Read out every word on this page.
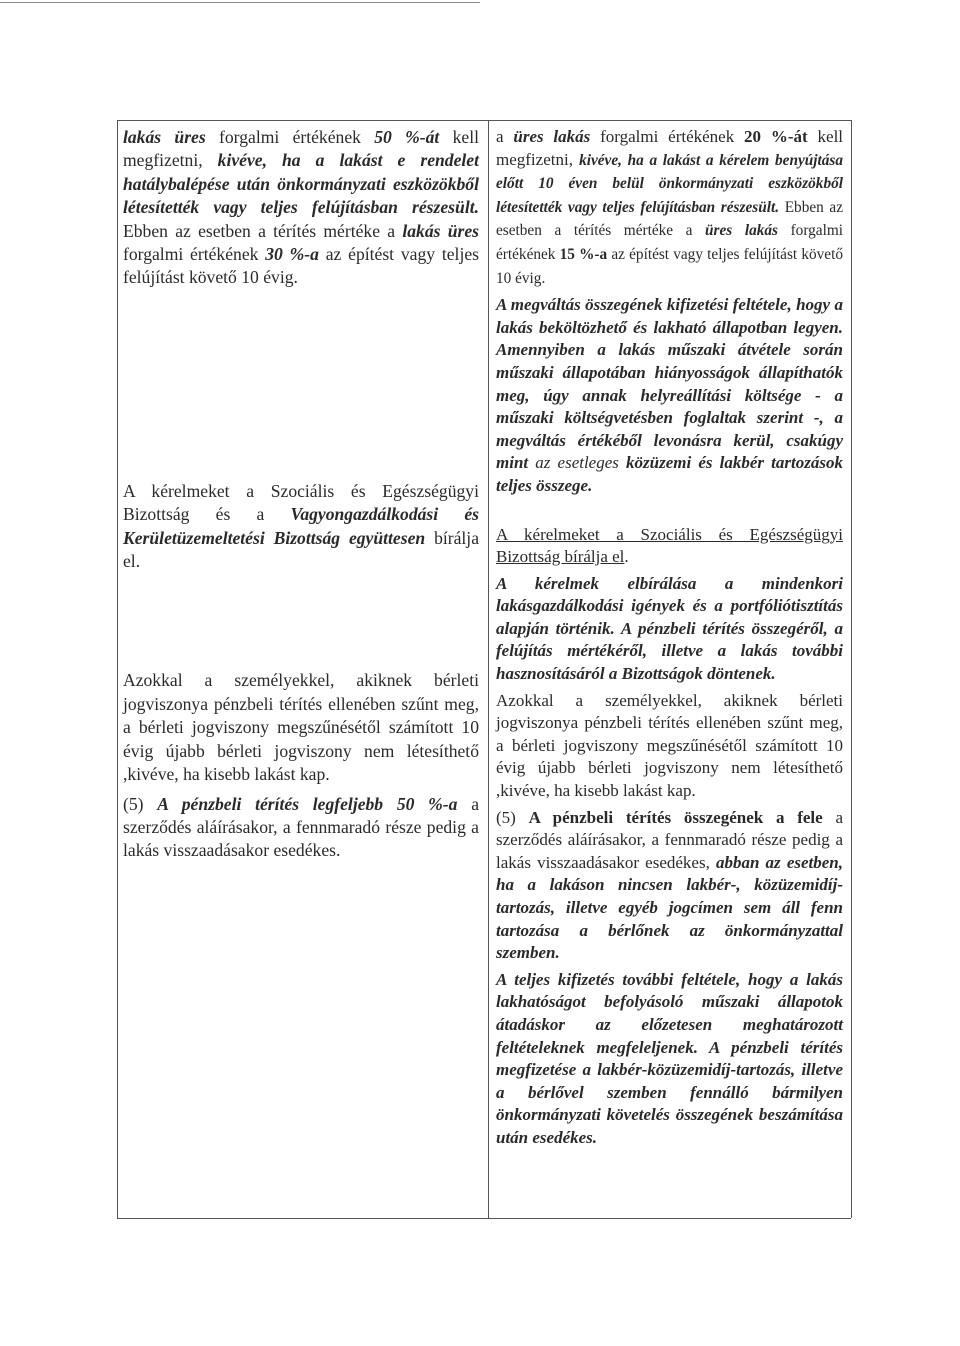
lakás üres forgalmi értékének 50 %-át kell megfizetni, kivéve, ha a lakást e rendelet hatálybalépése után önkormányzati eszközökből létesítették vagy teljes felújításban részesült. Ebben az esetben a térítés mértéke a lakás üres forgalmi értékének 30 %-a az építést vagy teljes felújítást követő 10 évig.

A kérelmeket a Szociális és Egészségügyi Bizottság és a Vagyongazdálkodási és Kerületüzemeltetési Bizottság együttesen bírálja el.

Azokkal a személyekkel, akiknek bérleti jogviszonya pénzbeli térítés ellenében szűnt meg, a bérleti jogviszony megszűnésétől számított 10 évig újabb bérleti jogviszony nem létesíthető ,kivéve, ha kisebb lakást kap.

(5) A pénzbeli térítés legfeljebb 50 %-a a szerződés aláírásakor, a fennmaradó része pedig a lakás visszaadásakor esedékes.

a üres lakás forgalmi értékének 20 %-át kell megfizetni, kivéve, ha a lakást a kérelem benyújtása előtt 10 éven belül önkormányzati eszközökből létesítették vagy teljes felújításban részesült. Ebben az esetben a térítés mértéke a üres lakás forgalmi értékének 15 %-a az építést vagy teljes felújítást követő 10 évig.

A megváltás összegének kifizetési feltétele, hogy a lakás beköltözhető és lakható állapotban legyen. Amennyiben a lakás műszaki átvétele során műszaki állapotában hiányosságok állapíthatók meg, úgy annak helyreállítási költsége - a műszaki költségvetésben foglaltak szerint -, a megváltás értékéből levonásra kerül, csakúgy mint az esetleges közüzemi és lakbér tartozások teljes összege.

A kérelmeket a Szociális és Egészségügyi Bizottság bírálja el.

A kérelmek elbírálása a mindenkori lakásgazdálkodási igények és a portfóliótisztítás alapján történik. A pénzbeli térítés összegéről, a felújítás mértékéről, illetve a lakás további hasznosításáról a Bizottságok döntenek.

Azokkal a személyekkel, akiknek bérleti jogviszonya pénzbeli térítés ellenében szűnt meg, a bérleti jogviszony megszűnésétől számított 10 évig újabb bérleti jogviszony nem létesíthető ,kivéve, ha kisebb lakást kap.

(5) A pénzbeli térítés összegének a fele a szerződés aláírásakor, a fennmaradó része pedig a lakás visszaadásakor esedékes, abban az esetben, ha a lakáson nincsen lakbér-, közüzemidíj-tartozás, illetve egyéb jogcímen sem áll fenn tartozása a bérlőnek az önkormányzattal szemben.

A teljes kifizetés további feltétele, hogy a lakás lakhatóságot befolyásoló műszaki állapotok átadáskor az előzetesen meghatározott feltételeknek megfeleljenek. A pénzbeli térítés megfizetése a lakbér-közüzemidíj-tartozás, illetve a bérlővel szemben fennálló bármilyen önkormányzati követelés összegének beszámítása után esedékes.
